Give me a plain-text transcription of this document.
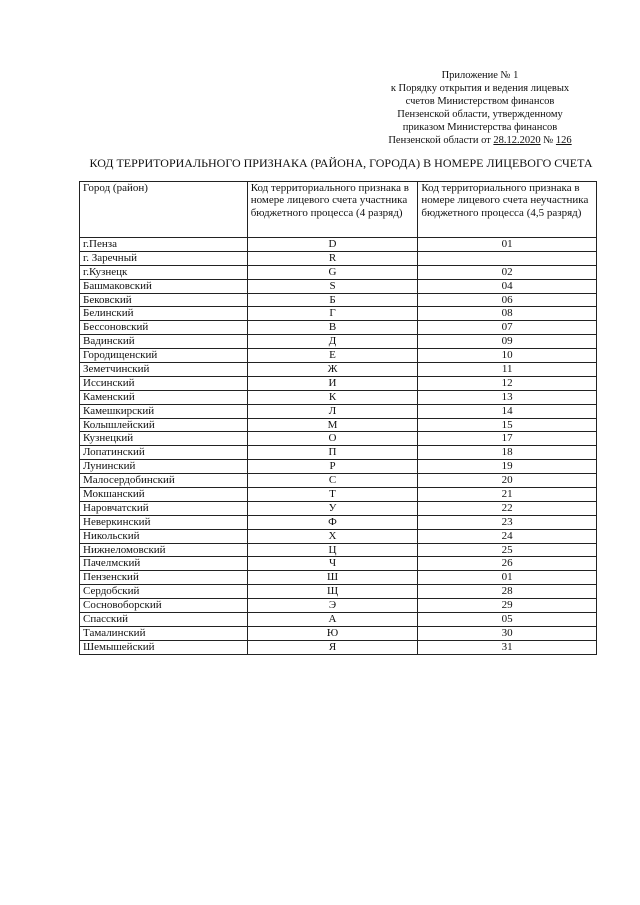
Приложение № 1
к Порядку открытия и ведения лицевых
счетов Министерством финансов
Пензенской области, утвержденному
приказом Министерства финансов
Пензенской области от 28.12.2020 № 126
КОД ТЕРРИТОРИАЛЬНОГО ПРИЗНАКА (РАЙОНА, ГОРОДА) В НОМЕРЕ ЛИЦЕВОГО СЧЕТА
Город (район)	Код территориального признака в номере лицевого счета участника бюджетного процесса (4 разряд)	Код территориального признака в номере лицевого счета неучастника бюджетного процесса (4,5 разряд)
г.Пенза	D	01
г. Заречный	R	
г.Кузнецк	G	02
Башмаковский	S	04
Бековский	Б	06
Белинский	Г	08
Бессоновский	В	07
Вадинский	Д	09
Городищенский	Е	10
Земетчинский	Ж	11
Иссинский	И	12
Каменский	К	13
Камешкирский	Л	14
Колышлейский	М	15
Кузнецкий	О	17
Лопатинский	П	18
Лунинский	Р	19
Малосердобинский	С	20
Мокшанский	Т	21
Наровчатский	У	22
Неверкинский	Ф	23
Никольский	Х	24
Нижнеломовский	Ц	25
Пачелмский	Ч	26
Пензенский	Ш	01
Сердобский	Щ	28
Сосновоборский	Э	29
Спасский	А	05
Тамалинский	Ю	30
Шемышейский	Я	31
